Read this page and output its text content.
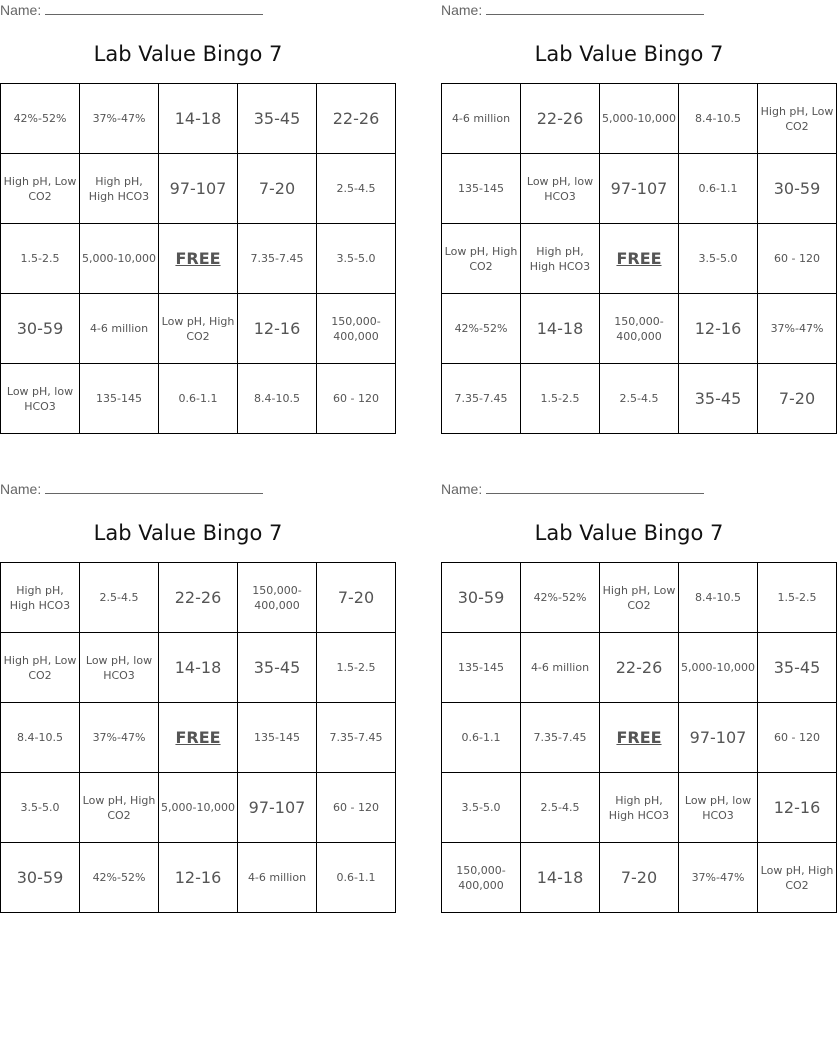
Name:
Lab Value Bingo 7
42%-52%	37%-47%	14-18	35-45	22-26
High pH, Low CO2	High pH, High HCO3	97-107	7-20	2.5-4.5
1.5-2.5	5,000-10,000	FREE	7.35-7.45	3.5-5.0
30-59	4-6 million	Low pH, High CO2	12-16	150,000-400,000
Low pH, low HCO3	135-145	0.6-1.1	8.4-10.5	60 - 120
Name:
Lab Value Bingo 7
4-6 million	22-26	5,000-10,000	8.4-10.5	High pH, Low CO2
135-145	Low pH, low HCO3	97-107	0.6-1.1	30-59
Low pH, High CO2	High pH, High HCO3	FREE	3.5-5.0	60 - 120
42%-52%	14-18	150,000-400,000	12-16	37%-47%
7.35-7.45	1.5-2.5	2.5-4.5	35-45	7-20
Name:
Lab Value Bingo 7
High pH, High HCO3	2.5-4.5	22-26	150,000-400,000	7-20
High pH, Low CO2	Low pH, low HCO3	14-18	35-45	1.5-2.5
8.4-10.5	37%-47%	FREE	135-145	7.35-7.45
3.5-5.0	Low pH, High CO2	5,000-10,000	97-107	60 - 120
30-59	42%-52%	12-16	4-6 million	0.6-1.1
Name:
Lab Value Bingo 7
30-59	42%-52%	High pH, Low CO2	8.4-10.5	1.5-2.5
135-145	4-6 million	22-26	5,000-10,000	35-45
0.6-1.1	7.35-7.45	FREE	97-107	60 - 120
3.5-5.0	2.5-4.5	High pH, High HCO3	Low pH, low HCO3	12-16
150,000-400,000	14-18	7-20	37%-47%	Low pH, High CO2
